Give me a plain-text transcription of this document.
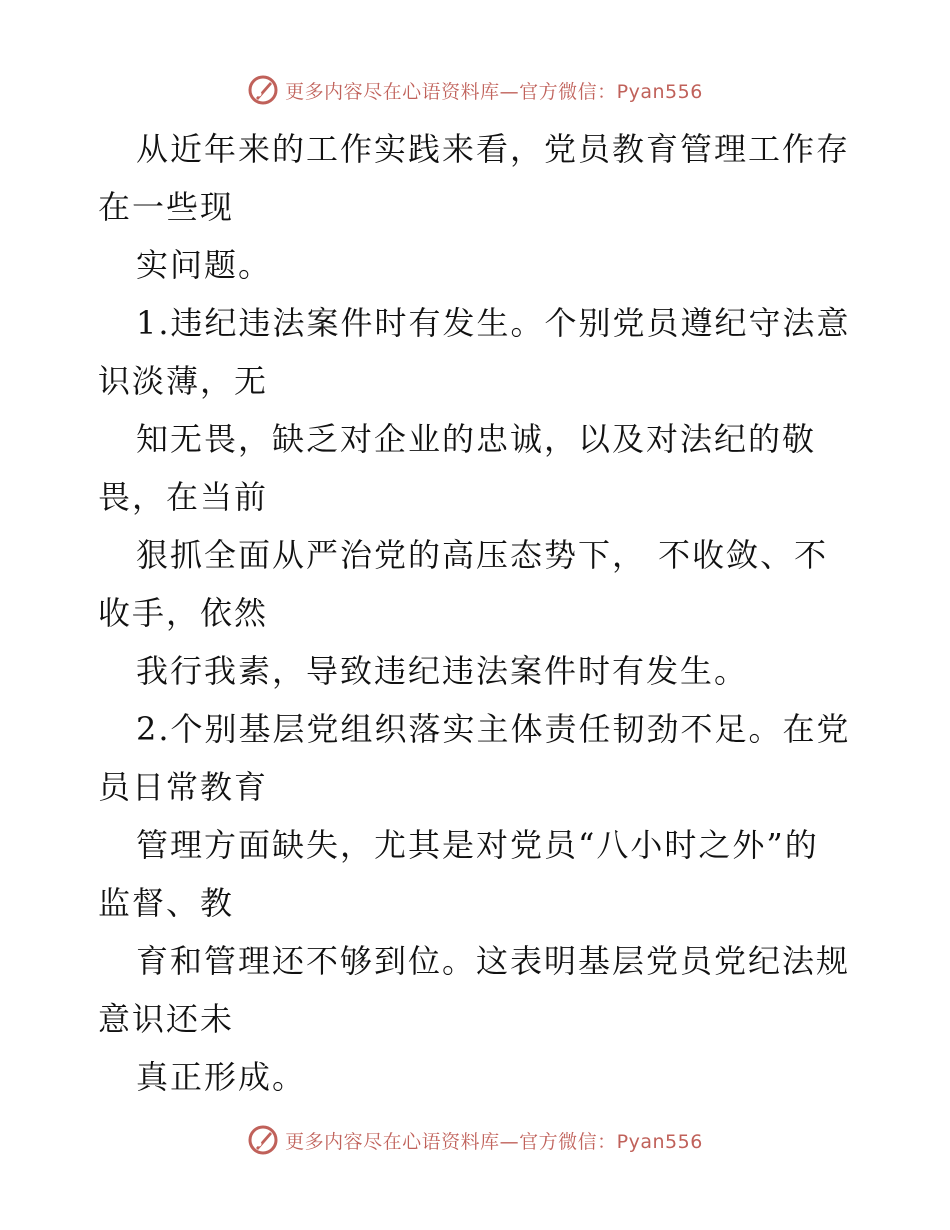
更多内容尽在心语资料库—官方微信：Pyan556
从近年来的工作实践来看，党员教育管理工作存
在一些现
实问题。
1.违纪违法案件时有发生。个别党员遵纪守法意
识淡薄，无
知无畏，缺乏对企业的忠诚，以及对法纪的敬
畏，在当前
狠抓全面从严治党的高压态势下， 不收敛、不
收手，依然
我行我素，导致违纪违法案件时有发生。
2.个别基层党组织落实主体责任韧劲不足。在党
员日常教育
管理方面缺失，尤其是对党员“八小时之外”的
监督、教
育和管理还不够到位。这表明基层党员党纪法规
意识还未
真正形成。
更多内容尽在心语资料库—官方微信：Pyan556
